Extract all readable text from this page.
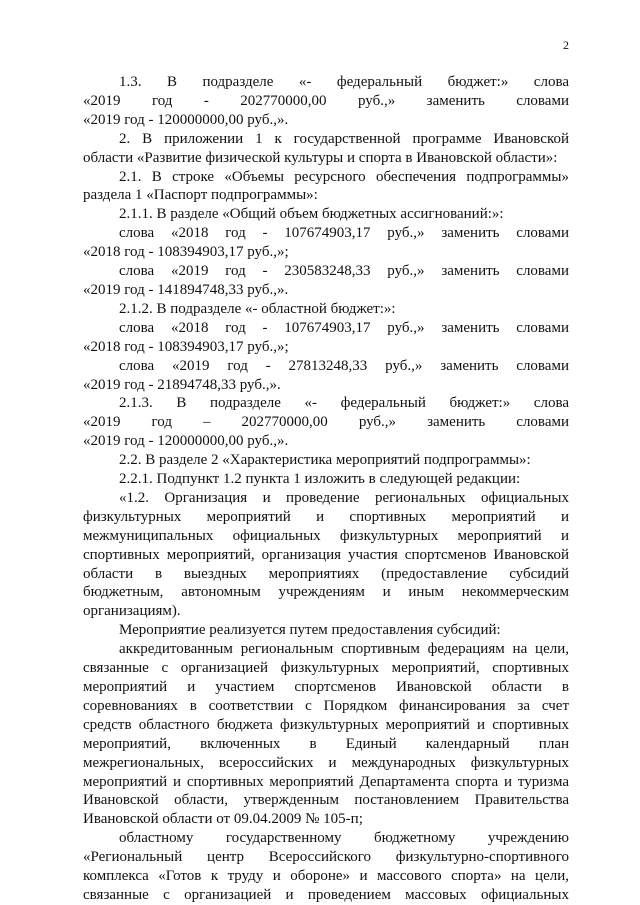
2
1.3. В подразделе «- федеральный бюджет:» слова
«2019 год - 202770000,00 руб.,» заменить словами
«2019 год - 120000000,00 руб.,».
2. В приложении 1 к государственной программе Ивановской
области «Развитие физической культуры и спорта в Ивановской области»:
2.1. В строке «Объемы ресурсного обеспечения подпрограммы»
раздела 1 «Паспорт подпрограммы»:
2.1.1. В разделе «Общий объем бюджетных ассигнований:»:
слова «2018 год - 107674903,17 руб.,» заменить словами
«2018 год - 108394903,17 руб.,»;
слова «2019 год - 230583248,33 руб.,» заменить словами
«2019 год - 141894748,33 руб.,».
2.1.2. В подразделе «- областной бюджет:»:
слова «2018 год - 107674903,17 руб.,» заменить словами
«2018 год - 108394903,17 руб.,»;
слова «2019 год - 27813248,33 руб.,» заменить словами
«2019 год - 21894748,33 руб.,».
2.1.3. В подразделе «- федеральный бюджет:» слова
«2019 год – 202770000,00 руб.,» заменить словами
«2019 год - 120000000,00 руб.,».
2.2. В разделе 2 «Характеристика мероприятий подпрограммы»:
2.2.1. Подпункт 1.2 пункта 1 изложить в следующей редакции:
«1.2. Организация и проведение региональных официальных
физкультурных мероприятий и спортивных мероприятий и
межмуниципальных официальных физкультурных мероприятий и
спортивных мероприятий, организация участия спортсменов Ивановской
области в выездных мероприятиях (предоставление субсидий
бюджетным, автономным учреждениям и иным некоммерческим
организациям).
Мероприятие реализуется путем предоставления субсидий:
аккредитованным региональным спортивным федерациям на цели,
связанные с организацией физкультурных мероприятий, спортивных
мероприятий и участием спортсменов Ивановской области в
соревнованиях в соответствии с Порядком финансирования за счет
средств областного бюджета физкультурных мероприятий и спортивных
мероприятий, включенных в Единый календарный план
межрегиональных, всероссийских и международных физкультурных
мероприятий и спортивных мероприятий Департамента спорта и туризма
Ивановской области, утвержденным постановлением Правительства
Ивановской области от 09.04.2009 № 105-п;
областному государственному бюджетному учреждению
«Региональный центр Всероссийского физкультурно-спортивного
комплекса «Готов к труду и обороне» и массового спорта» на цели,
связанные с организацией и проведением массовых официальных
